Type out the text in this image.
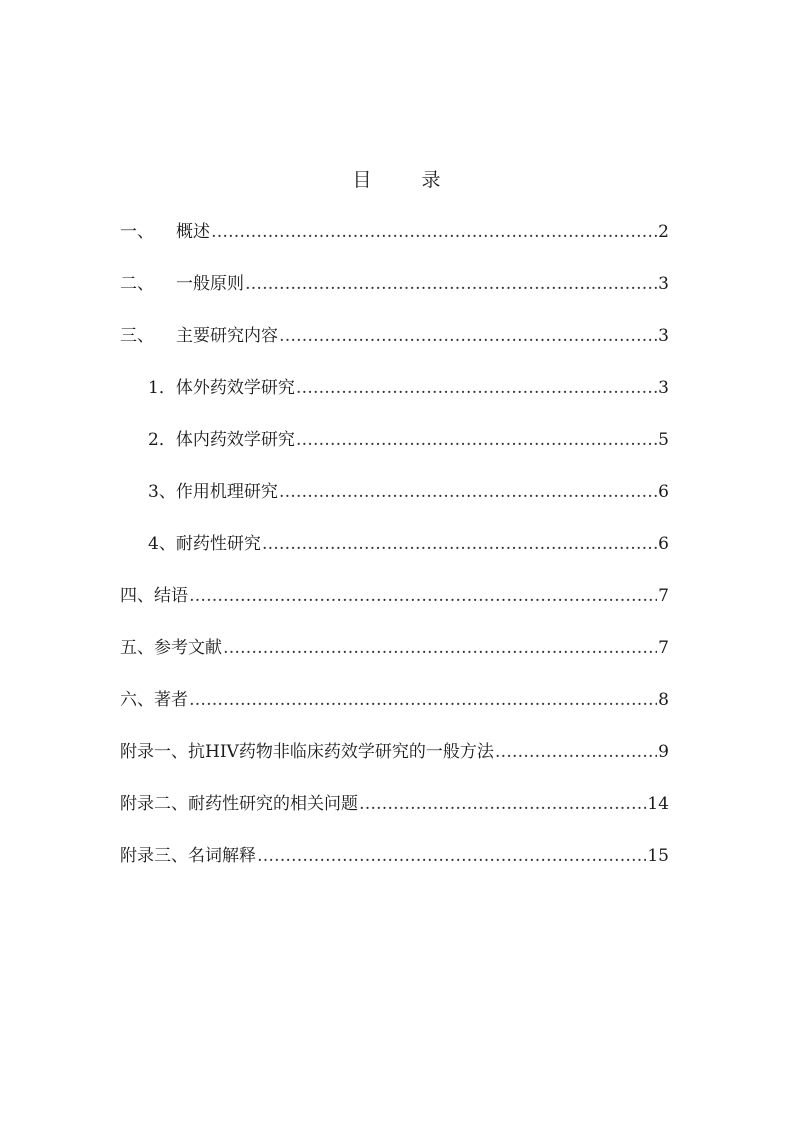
目 录
一、	概述 ……………………………………………………………………………………………………………………………………………………………………	2
二、	一般原则 ……………………………………………………………………………………………………………………………………………………………………	3
三、	主要研究内容 ……………………………………………………………………………………………………………………………………………………………………	3
1． 体外药效学研究 ……………………………………………………………………………………………………………………………………………………………………	3
2． 体内药效学研究 ……………………………………………………………………………………………………………………………………………………………………	5
3、 作用机理研究 ……………………………………………………………………………………………………………………………………………………………………	6
4、 耐药性研究 ……………………………………………………………………………………………………………………………………………………………………	6
四、 结语 ……………………………………………………………………………………………………………………………………………………………………	7
五、 参考文献 ……………………………………………………………………………………………………………………………………………………………………	7
六、 著者 ……………………………………………………………………………………………………………………………………………………………………	8
附录一、 抗HIV药物非临床药效学研究的一般方法 ……………………………………………………………………………………………………………………………………………………………………	9
附录二、 耐药性研究的相关问题 ……………………………………………………………………………………………………………………………………………………………………	14
附录三、 名词解释 ……………………………………………………………………………………………………………………………………………………………………	15
